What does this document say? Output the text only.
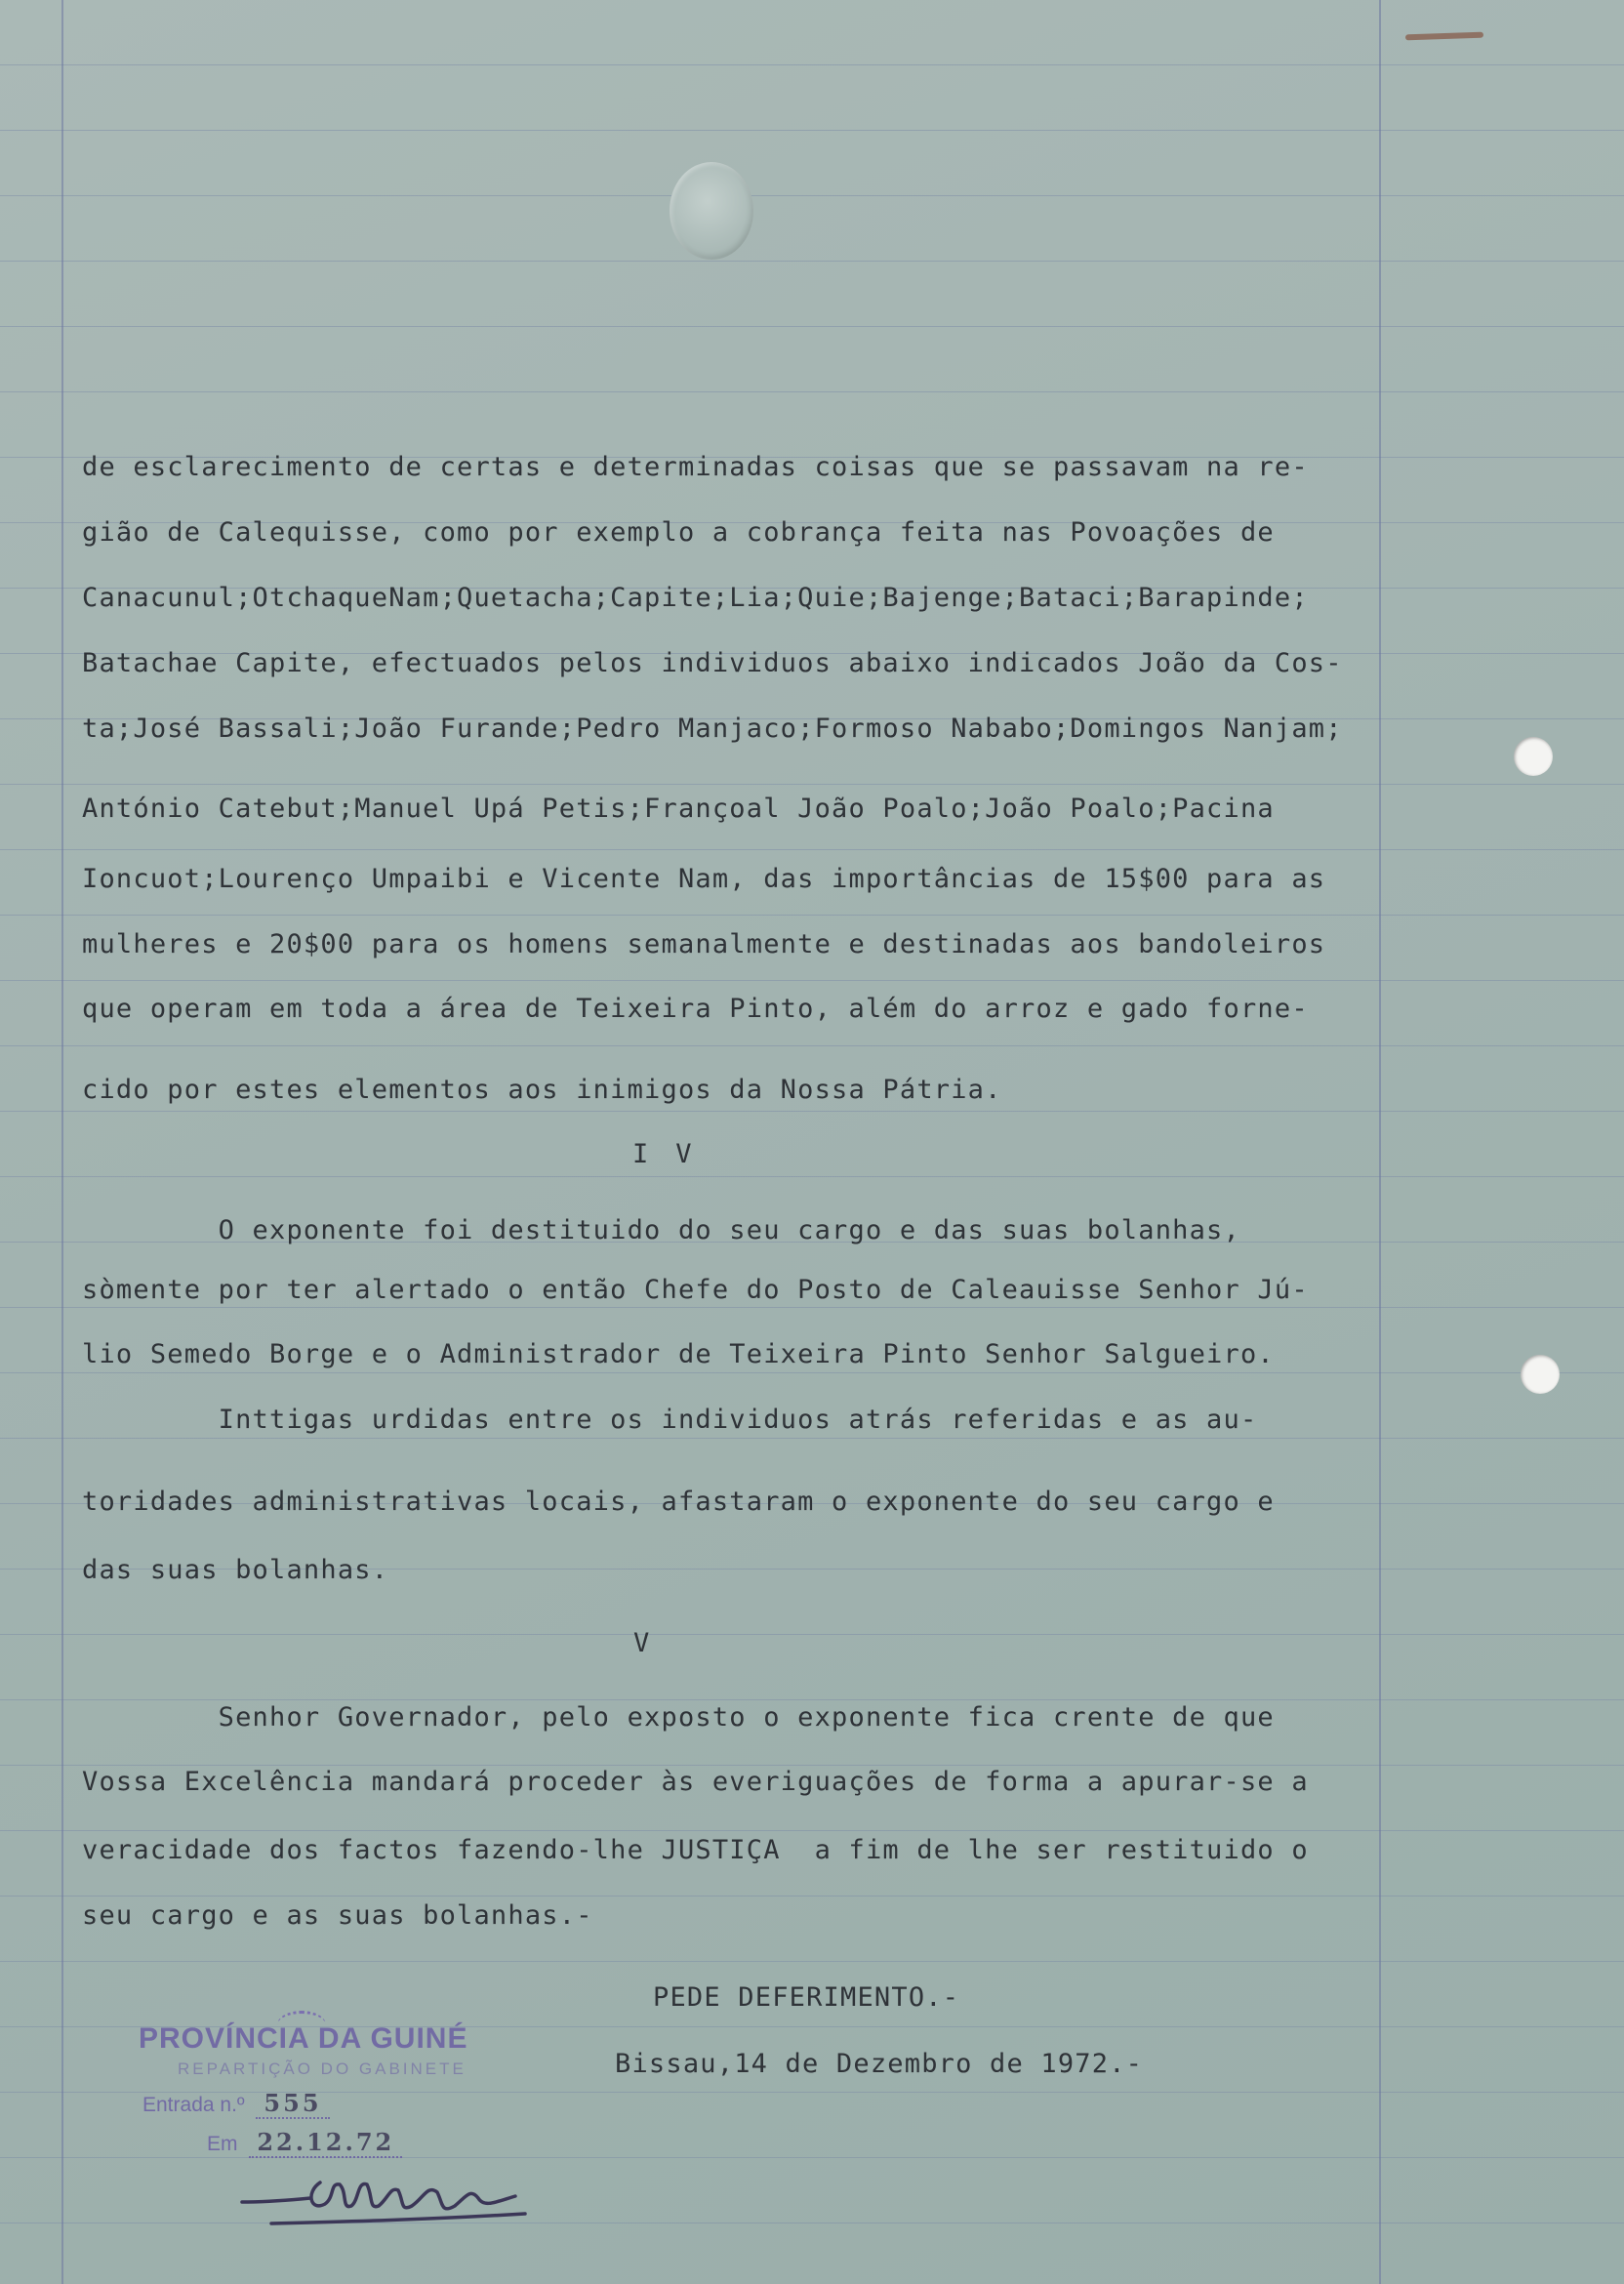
de esclarecimento de certas e determinadas coisas que se passavam na re-

gião de Calequisse, como por exemplo a cobrança feita nas Povoações de

Canacunul;OtchaqueNam;Quetacha;Capite;Lia;Quie;Bajenge;Bataci;Barapinde;

Batachae Capite, efectuados pelos individuos abaixo indicados João da Cos-

ta;José Bassali;João Furande;Pedro Manjaco;Formoso Nababo;Domingos Nanjam;

António Catebut;Manuel Upá Petis;Françoal João Poalo;João Poalo;Pacina

Ioncuot;Lourenço Umpaibi e Vicente Nam, das importâncias de 15$00 para as

mulheres e 20$00 para os homens semanalmente e destinadas aos bandoleiros

que operam em toda a área de Teixeira Pinto, além do arroz e gado forne-

cido por estes elementos aos inimigos da Nossa Pátria.

IV

O exponente foi destituido do seu cargo e das suas bolanhas,

sòmente por ter alertado o então Chefe do Posto de Caleauisse Senhor Jú-

lio Semedo Borge e o Administrador de Teixeira Pinto Senhor Salgueiro.

Inttigas urdidas entre os individuos atrás referidas e as au-

toridades administrativas locais, afastaram o exponente do seu cargo e

das suas bolanhas.

V

Senhor Governador, pelo exposto o exponente fica crente de que

Vossa Excelência mandará proceder às everiguações de forma a apurar-se a

veracidade dos factos fazendo-lhe JUSTIÇA  a fim de lhe ser restituido o

seu cargo e as suas bolanhas.-

PEDE DEFERIMENTO.-

Bissau,14 de Dezembro de 1972.-

PROVÍNCIA DA GUINÉ
REPARTIÇÃO DO GABINETE
Entrada n.º 555
Em 22.12.72
